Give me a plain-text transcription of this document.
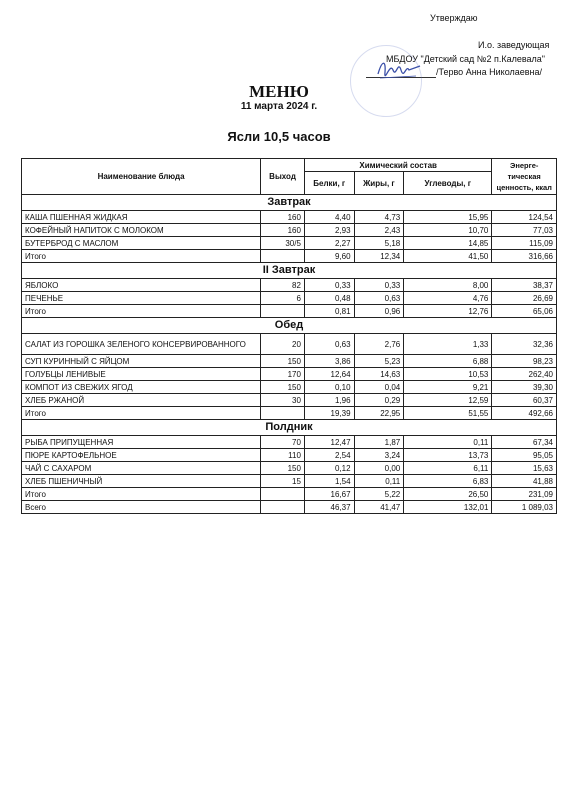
Утверждаю
И.о. заведующая
МБДОУ "Детский сад №2 п.Калевала"
/Терво Анна Николаевна/
МЕНЮ
11 марта 2024 г.
Ясли 10,5 часов
Наименование блюда	Выход	Химический состав			Энерге-тическая ценность, ккал
		Белки, г	Жиры, г	Углеводы, г	
Завтрак					
КАША ПШЕННАЯ ЖИДКАЯ	160	4,40	4,73	15,95	124,54
КОФЕЙНЫЙ НАПИТОК С МОЛОКОМ	160	2,93	2,43	10,70	77,03
БУТЕРБРОД С МАСЛОМ	30/5	2,27	5,18	14,85	115,09
Итого		9,60	12,34	41,50	316,66
II Завтрак					
ЯБЛОКО	82	0,33	0,33	8,00	38,37
ПЕЧЕНЬЕ	6	0,48	0,63	4,76	26,69
Итого		0,81	0,96	12,76	65,06
Обед					
САЛАТ ИЗ ГОРОШКА ЗЕЛЕНОГО КОНСЕРВИРОВАННОГО	20	0,63	2,76	1,33	32,36
СУП КУРИННЫЙ С ЯЙЦОМ	150	3,86	5,23	6,88	98,23
ГОЛУБЦЫ ЛЕНИВЫЕ	170	12,64	14,63	10,53	262,40
КОМПОТ ИЗ СВЕЖИХ ЯГОД	150	0,10	0,04	9,21	39,30
ХЛЕБ РЖАНОЙ	30	1,96	0,29	12,59	60,37
Итого		19,39	22,95	51,55	492,66
Полдник					
РЫБА ПРИПУЩЕННАЯ	70	12,47	1,87	0,11	67,34
ПЮРЕ КАРТОФЕЛЬНОЕ	110	2,54	3,24	13,73	95,05
ЧАЙ С САХАРОМ	150	0,12	0,00	6,11	15,63
ХЛЕБ ПШЕНИЧНЫЙ	15	1,54	0,11	6,83	41,88
Итого		16,67	5,22	26,50	231,09
Всего		46,37	41,47	132,01	1 089,03
